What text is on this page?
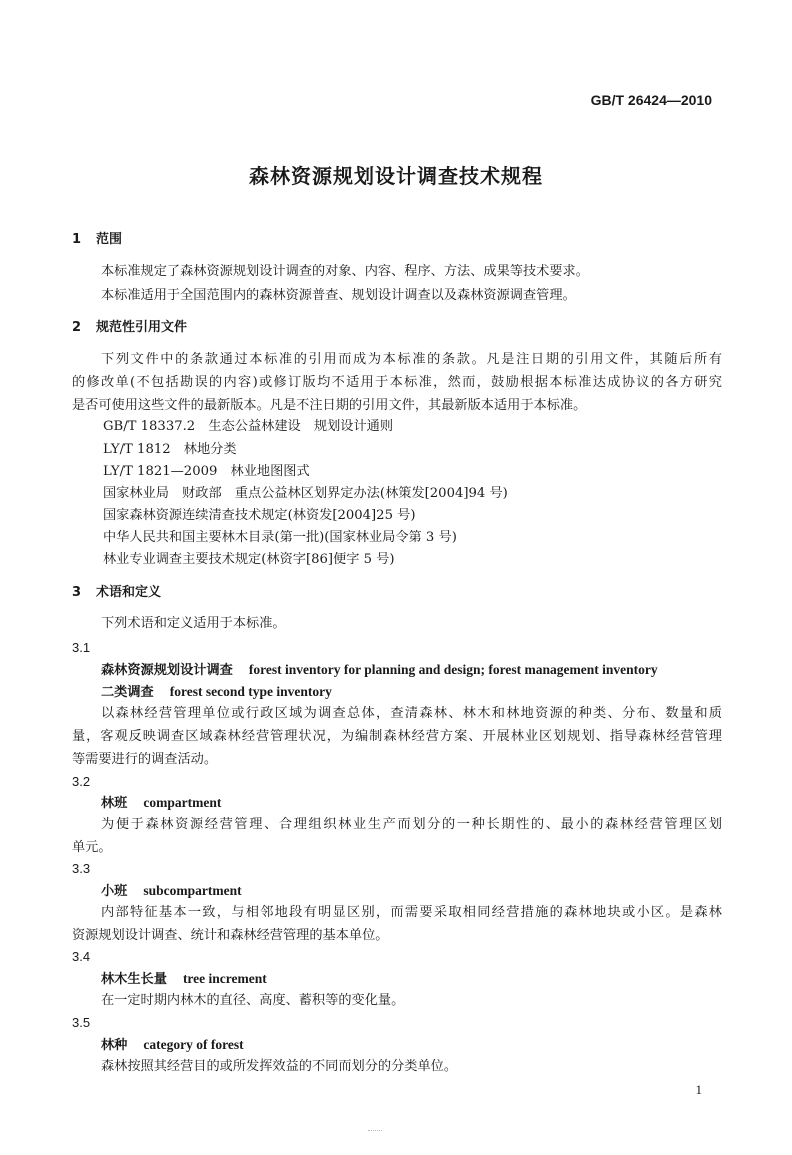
GB/T 26424—2010
森林资源规划设计调查技术规程
1 范围
本标准规定了森林资源规划设计调查的对象、内容、程序、方法、成果等技术要求。
本标准适用于全国范围内的森林资源普查、规划设计调查以及森林资源调查管理。
2 规范性引用文件
下列文件中的条款通过本标准的引用而成为本标准的条款。凡是注日期的引用文件，其随后所有
的修改单(不包括勘误的内容)或修订版均不适用于本标准，然而，鼓励根据本标准达成协议的各方研究
是否可使用这些文件的最新版本。凡是不注日期的引用文件，其最新版本适用于本标准。
GB/T 18337.2　生态公益林建设　规划设计通则
LY/T 1812　林地分类
LY/T 1821—2009　林业地图图式
国家林业局　财政部　重点公益林区划界定办法(林策发[2004]94 号)
国家森林资源连续清查技术规定(林资发[2004]25 号)
中华人民共和国主要林木目录(第一批)(国家林业局令第 3 号)
林业专业调查主要技术规定(林资字[86]便字 5 号)
3 术语和定义
下列术语和定义适用于本标准。
3.1
森林资源规划设计调查 forest inventory for planning and design; forest management inventory
二类调查 forest second type inventory
以森林经营管理单位或行政区域为调查总体，查清森林、林木和林地资源的种类、分布、数量和质
量，客观反映调查区域森林经营管理状况，为编制森林经营方案、开展林业区划规划、指导森林经营管理
等需要进行的调查活动。
3.2
林班 compartment
为便于森林资源经营管理、合理组织林业生产而划分的一种长期性的、最小的森林经营管理区划
单元。
3.3
小班 subcompartment
内部特征基本一致，与相邻地段有明显区别，而需要采取相同经营措施的森林地块或小区。是森林
资源规划设计调查、统计和森林经营管理的基本单位。
3.4
林木生长量 tree increment
在一定时期内林木的直径、高度、蓄积等的变化量。
3.5
林种 category of forest
森林按照其经营目的或所发挥效益的不同而划分的分类单位。
1
